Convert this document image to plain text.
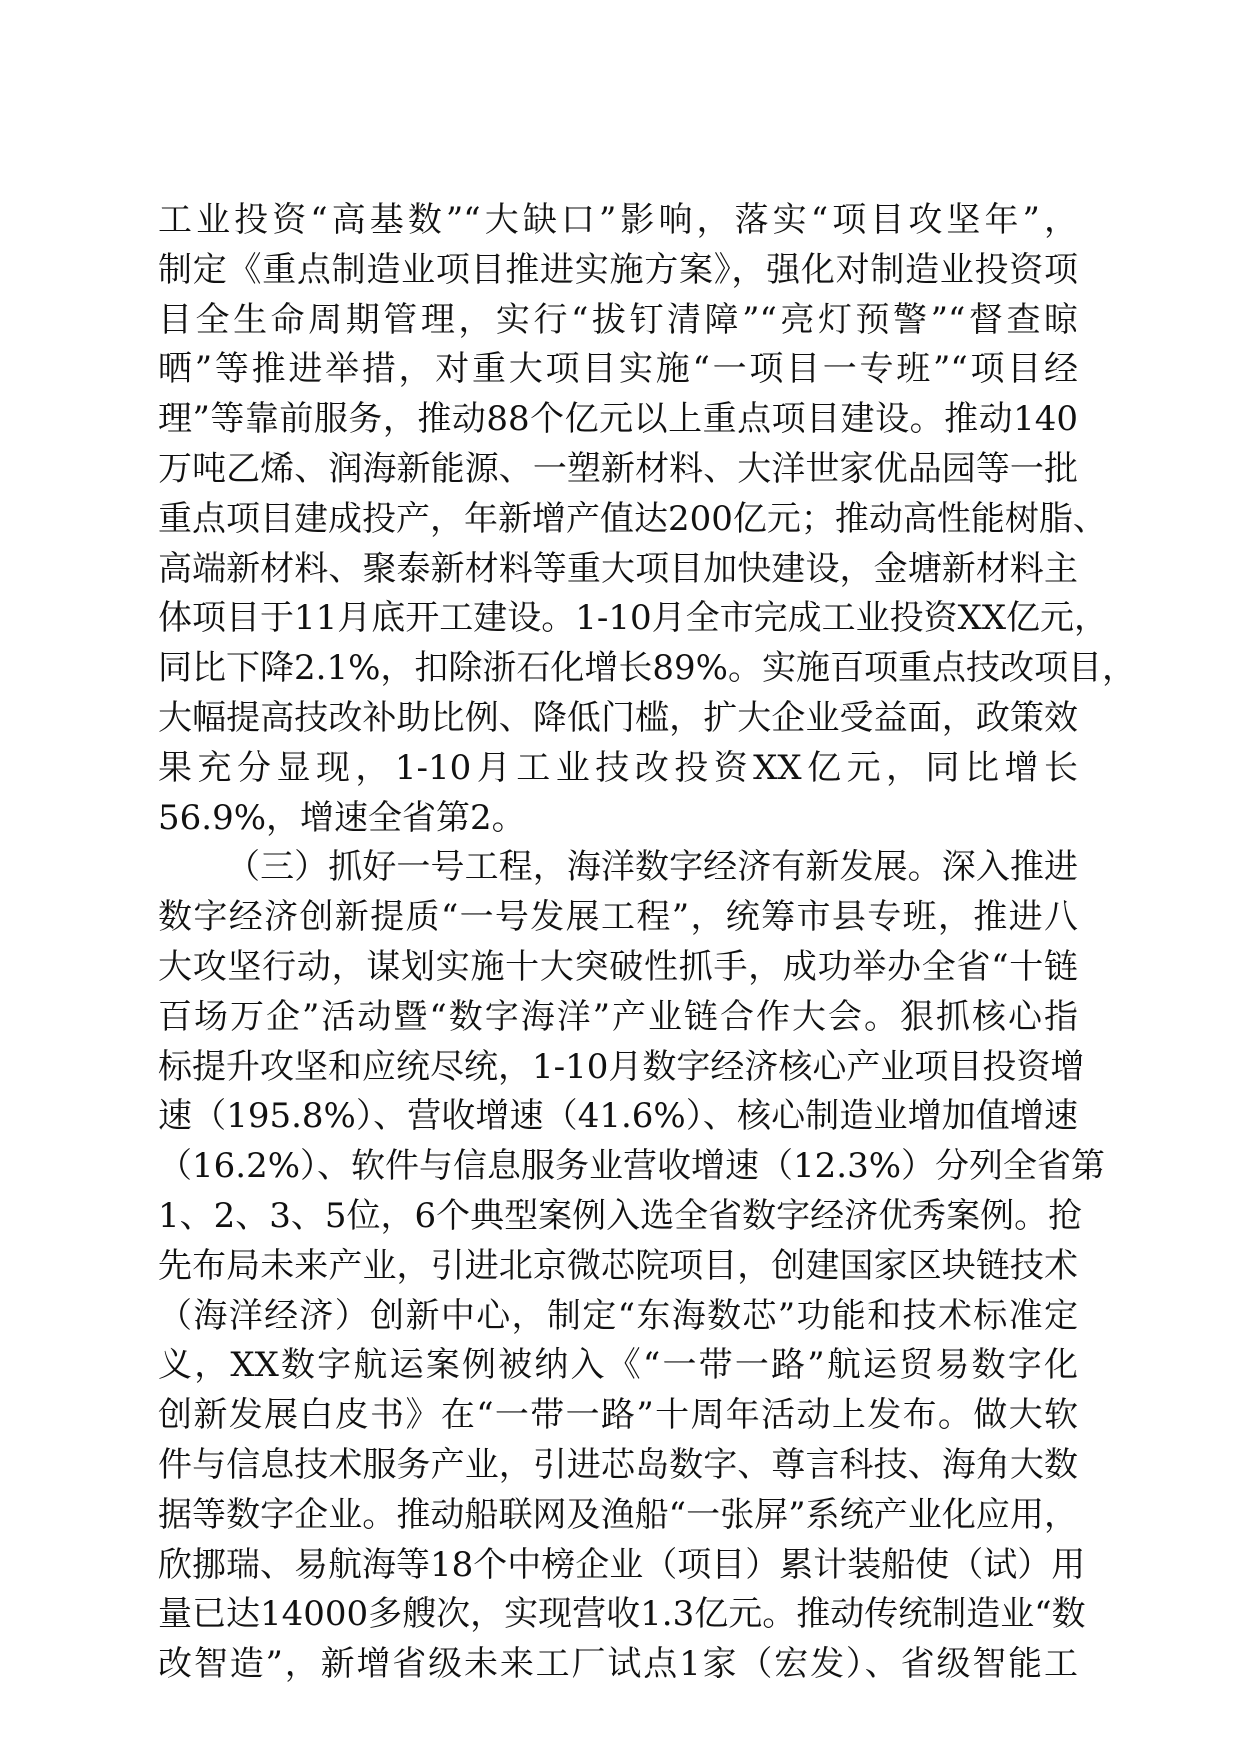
工业投资“高基数”“大缺口”影响，落实“项目攻坚年”，
制定《重点制造业项目推进实施方案》，强化对制造业投资项
目全生命周期管理，实行“拔钉清障”“亮灯预警”“督查晾
晒”等推进举措，对重大项目实施“一项目一专班”“项目经
理”等靠前服务，推动88个亿元以上重点项目建设。推动140
万吨乙烯、润海新能源、一塑新材料、大洋世家优品园等一批
重点项目建成投产，年新增产值达200亿元；推动高性能树脂、
高端新材料、聚泰新材料等重大项目加快建设，金塘新材料主
体项目于11月底开工建设。1-10月全市完成工业投资XX亿元，
同比下降2.1%，扣除浙石化增长89%。实施百项重点技改项目，
大幅提高技改补助比例、降低门槛，扩大企业受益面，政策效
果充分显现，1-10月工业技改投资XX亿元，同比增长
56.9%，增速全省第2。
（三）抓好一号工程，海洋数字经济有新发展。深入推进
数字经济创新提质“一号发展工程”，统筹市县专班，推进八
大攻坚行动，谋划实施十大突破性抓手，成功举办全省“十链
百场万企”活动暨“数字海洋”产业链合作大会。狠抓核心指
标提升攻坚和应统尽统，1-10月数字经济核心产业项目投资增
速（195.8%）、营收增速（41.6%）、核心制造业增加值增速
（16.2%）、软件与信息服务业营收增速（12.3%）分列全省第
1、2、3、5位，6个典型案例入选全省数字经济优秀案例。抢
先布局未来产业，引进北京微芯院项目，创建国家区块链技术
（海洋经济）创新中心，制定“东海数芯”功能和技术标准定
义，XX数字航运案例被纳入《“一带一路”航运贸易数字化
创新发展白皮书》在“一带一路”十周年活动上发布。做大软
件与信息技术服务产业，引进芯岛数字、尊言科技、海角大数
据等数字企业。推动船联网及渔船“一张屏”系统产业化应用，
欣挪瑞、易航海等18个中榜企业（项目）累计装船使（试）用
量已达14000多艘次，实现营收1.3亿元。推动传统制造业“数
改智造”，新增省级未来工厂试点1家（宏发）、省级智能工
